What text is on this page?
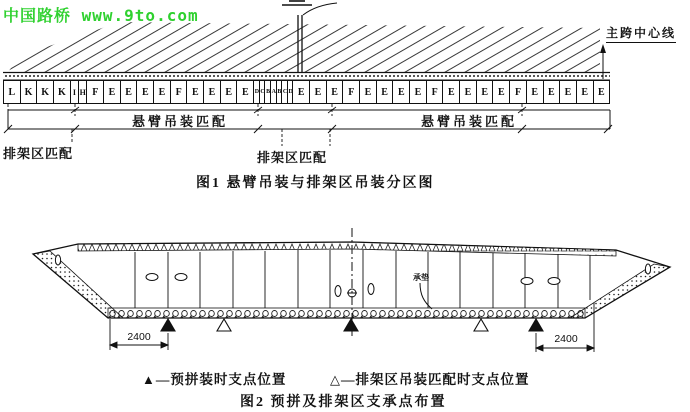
2400	2400
承垫
中国路桥 www.9to.com
主跨中心线
L K K K I H F	E	E	E	E	F	E	E	E	E	D C B A B C D E	E	E	F	E	E	E	E	F	E	E	E	E	F	E	E	E	E	E
悬臂吊装匹配	悬臂吊装匹配
排架区匹配	排架区匹配
图1 悬臂吊装与排架区吊装分区图
▲—预拼装时支点位置	△—排架区吊装匹配时支点位置
图2 预拼及排架区支承点布置
